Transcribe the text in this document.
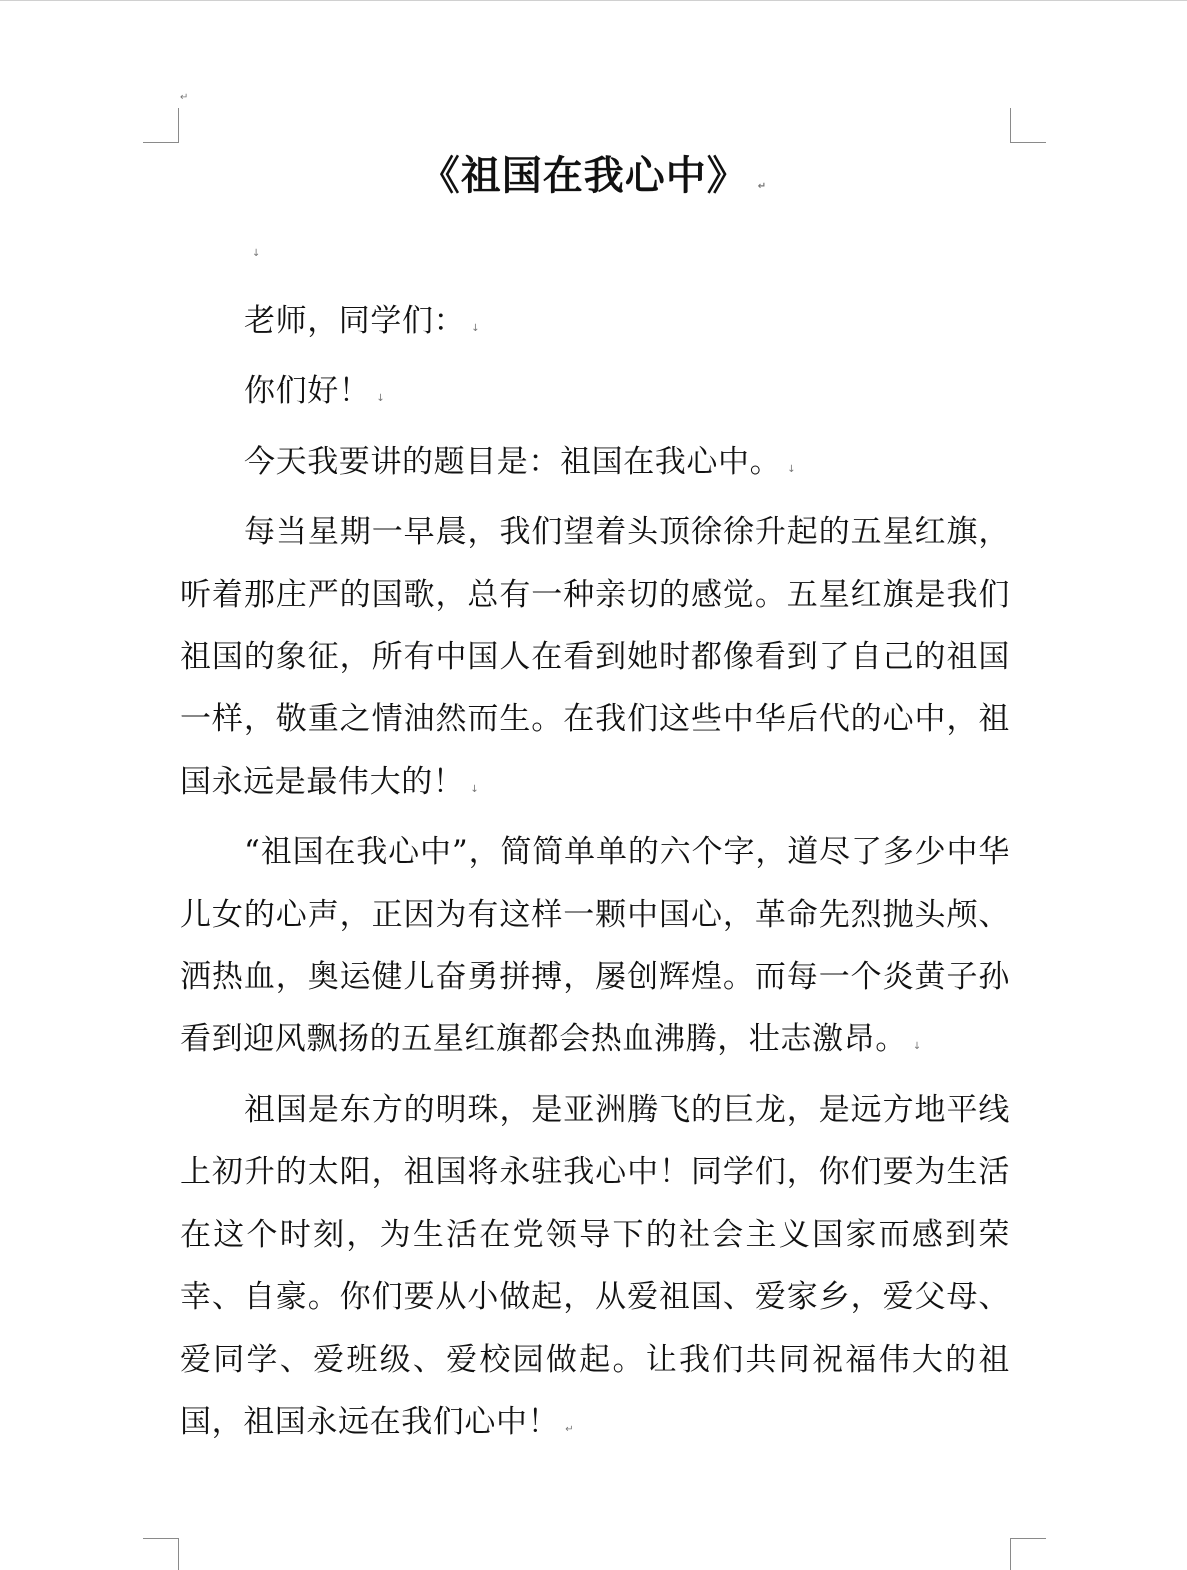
↵
《祖国在我心中》 ↵
↓

老师，同学们： ↓

你们好！ ↓

今天我要讲的题目是：祖国在我心中。 ↓

每当星期一早晨，我们望着头顶徐徐升起的五星红旗，听着那庄严的国歌，总有一种亲切的感觉。五星红旗是我们祖国的象征，所有中国人在看到她时都像看到了自己的祖国一样，敬重之情油然而生。在我们这些中华后代的心中，祖国永远是最伟大的！ ↓

“祖国在我心中”，简简单单的六个字，道尽了多少中华儿女的心声，正因为有这样一颗中国心，革命先烈抛头颅、洒热血，奥运健儿奋勇拼搏，屡创辉煌。而每一个炎黄子孙看到迎风飘扬的五星红旗都会热血沸腾，壮志激昂。 ↓

祖国是东方的明珠，是亚洲腾飞的巨龙，是远方地平线上初升的太阳，祖国将永驻我心中！同学们，你们要为生活在这个时刻，为生活在党领导下的社会主义国家而感到荣幸、自豪。你们要从小做起，从爱祖国、爱家乡，爱父母、爱同学、爱班级、爱校园做起。让我们共同祝福伟大的祖国，祖国永远在我们心中！ ↵
